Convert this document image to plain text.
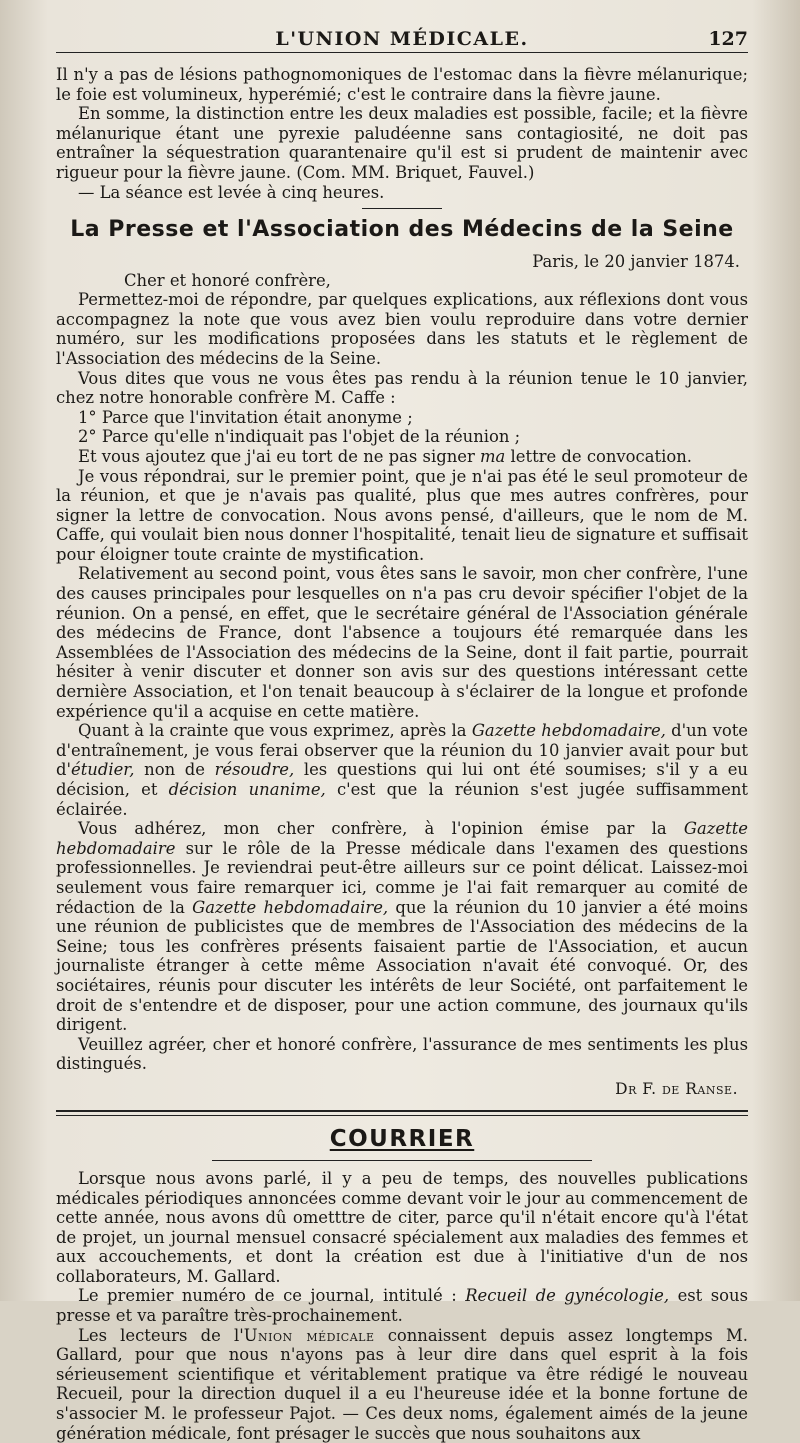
L'UNION MÉDICALE.	127

Il n'y a pas de lésions pathognomoniques de l'estomac dans la fièvre mélanurique; le foie est volumineux, hyperémié; c'est le contraire dans la fièvre jaune.

En somme, la distinction entre les deux maladies est possible, facile; et la fièvre mélanurique étant une pyrexie paludéenne sans contagiosité, ne doit pas entraîner la séquestration quarantenaire qu'il est si prudent de maintenir avec rigueur pour la fièvre jaune. (Com. MM. Briquet, Fauvel.)

— La séance est levée à cinq heures.

La Presse et l'Association des Médecins de la Seine
Paris, le 20 janvier 1874.
Cher et honoré confrère,

Permettez-moi de répondre, par quelques explications, aux réflexions dont vous accompagnez la note que vous avez bien voulu reproduire dans votre dernier numéro, sur les modifications proposées dans les statuts et le règlement de l'Association des médecins de la Seine.

Vous dites que vous ne vous êtes pas rendu à la réunion tenue le 10 janvier, chez notre honorable confrère M. Caffe :

1° Parce que l'invitation était anonyme ;

2° Parce qu'elle n'indiquait pas l'objet de la réunion ;

Et vous ajoutez que j'ai eu tort de ne pas signer ma lettre de convocation.

Je vous répondrai, sur le premier point, que je n'ai pas été le seul promoteur de la réunion, et que je n'avais pas qualité, plus que mes autres confrères, pour signer la lettre de convocation. Nous avons pensé, d'ailleurs, que le nom de M. Caffe, qui voulait bien nous donner l'hospitalité, tenait lieu de signature et suffisait pour éloigner toute crainte de mystification.

Relativement au second point, vous êtes sans le savoir, mon cher confrère, l'une des causes principales pour lesquelles on n'a pas cru devoir spécifier l'objet de la réunion. On a pensé, en effet, que le secrétaire général de l'Association générale des médecins de France, dont l'absence a toujours été remarquée dans les Assemblées de l'Association des médecins de la Seine, dont il fait partie, pourrait hésiter à venir discuter et donner son avis sur des questions intéressant cette dernière Association, et l'on tenait beaucoup à s'éclairer de la longue et profonde expérience qu'il a acquise en cette matière.

Quant à la crainte que vous exprimez, après la Gazette hebdomadaire, d'un vote d'entraînement, je vous ferai observer que la réunion du 10 janvier avait pour but d'étudier, non de résoudre, les questions qui lui ont été soumises; s'il y a eu décision, et décision unanime, c'est que la réunion s'est jugée suffisamment éclairée.

Vous adhérez, mon cher confrère, à l'opinion émise par la Gazette hebdomadaire sur le rôle de la Presse médicale dans l'examen des questions professionnelles. Je reviendrai peut-être ailleurs sur ce point délicat. Laissez-moi seulement vous faire remarquer ici, comme je l'ai fait remarquer au comité de rédaction de la Gazette hebdomadaire, que la réunion du 10 janvier a été moins une réunion de publicistes que de membres de l'Association des médecins de la Seine; tous les confrères présents faisaient partie de l'Association, et aucun journaliste étranger à cette même Association n'avait été convoqué. Or, des sociétaires, réunis pour discuter les intérêts de leur Société, ont parfaitement le droit de s'entendre et de disposer, pour une action commune, des journaux qu'ils dirigent.

Veuillez agréer, cher et honoré confrère, l'assurance de mes sentiments les plus distingués.

Dr F. de Ranse.
COURRIER

Lorsque nous avons parlé, il y a peu de temps, des nouvelles publications médicales périodiques annoncées comme devant voir le jour au commencement de cette année, nous avons dû ometttre de citer, parce qu'il n'était encore qu'à l'état de projet, un journal mensuel consacré spécialement aux maladies des femmes et aux accouchements, et dont la création est due à l'initiative d'un de nos collaborateurs, M. Gallard.

Le premier numéro de ce journal, intitulé : Recueil de gynécologie, est sous presse et va paraître très-prochainement.

Les lecteurs de l'Union médicale connaissent depuis assez longtemps M. Gallard, pour que nous n'ayons pas à leur dire dans quel esprit à la fois sérieusement scientifique et véritablement pratique va être rédigé le nouveau Recueil, pour la direction duquel il a eu l'heureuse idée et la bonne fortune de s'associer M. le professeur Pajot. — Ces deux noms, également aimés de la jeune génération médicale, font présager le succès que nous souhaitons aux
